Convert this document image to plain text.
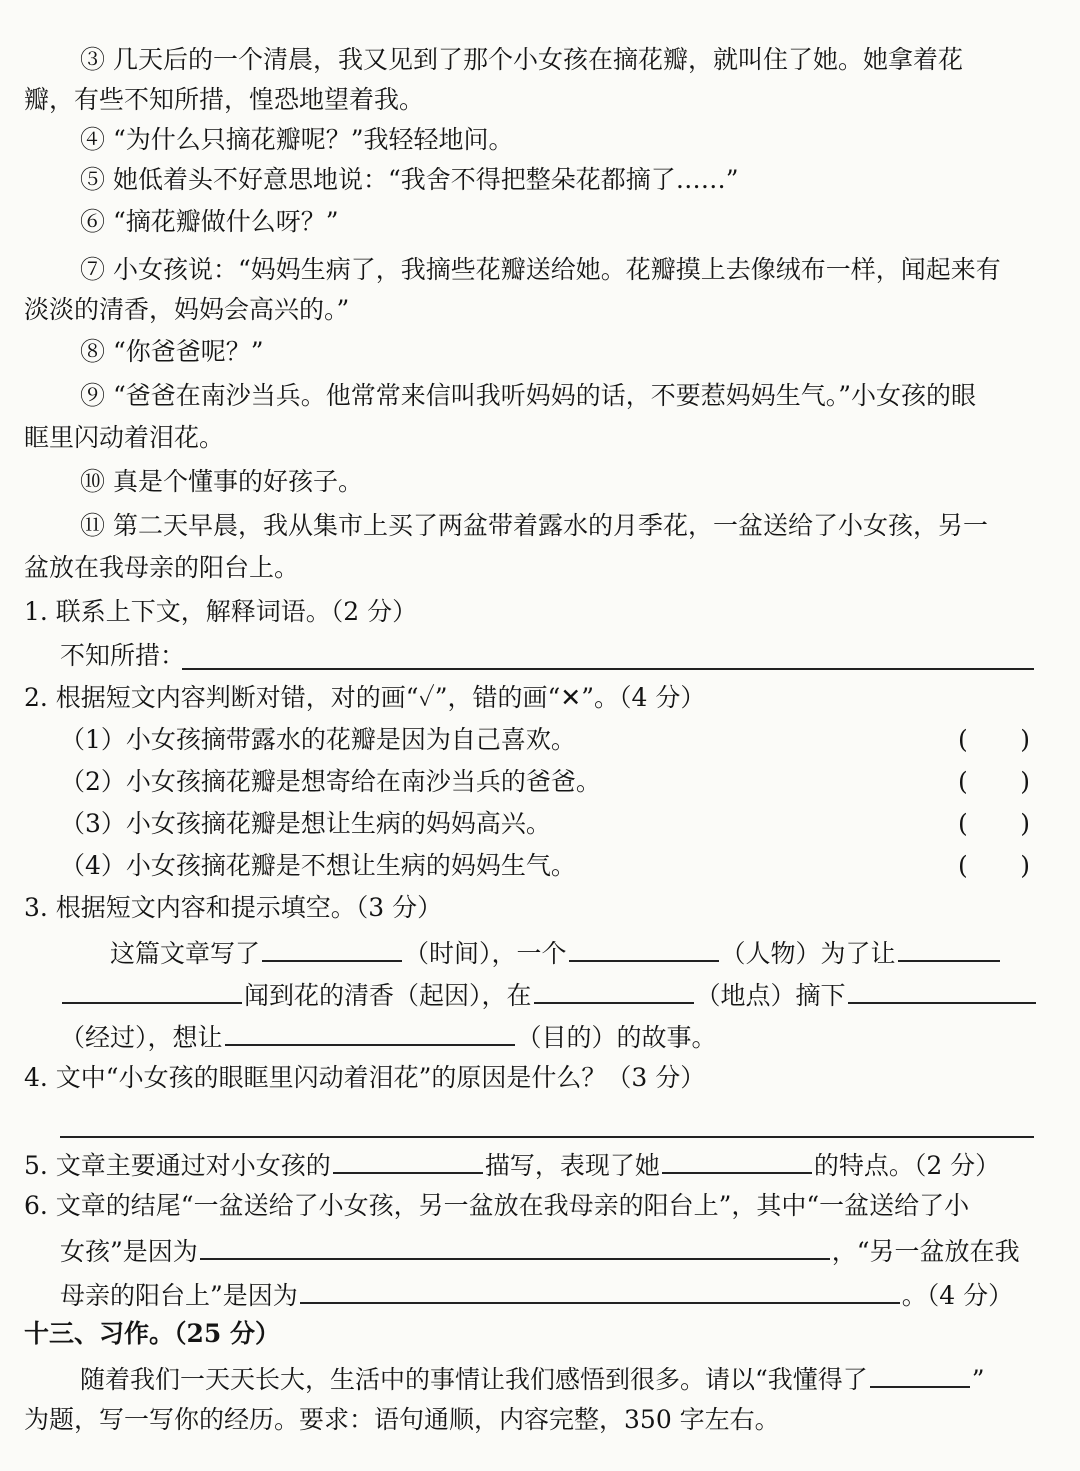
③ 几天后的一个清晨，我又见到了那个小女孩在摘花瓣，就叫住了她。她拿着花
瓣，有些不知所措，惶恐地望着我。
④ “为什么只摘花瓣呢？”我轻轻地问。
⑤ 她低着头不好意思地说：“我舍不得把整朵花都摘了……”
⑥ “摘花瓣做什么呀？”
⑦ 小女孩说：“妈妈生病了，我摘些花瓣送给她。花瓣摸上去像绒布一样，闻起来有
淡淡的清香，妈妈会高兴的。”
⑧ “你爸爸呢？”
⑨ “爸爸在南沙当兵。他常常来信叫我听妈妈的话，不要惹妈妈生气。”小女孩的眼
眶里闪动着泪花。
⑩ 真是个懂事的好孩子。
⑪ 第二天早晨，我从集市上买了两盆带着露水的月季花，一盆送给了小女孩，另一
盆放在我母亲的阳台上。
1. 联系上下文，解释词语。（2 分）
不知所措：
2. 根据短文内容判断对错，对的画“✓”，错的画“✕”。（4 分）
（1）小女孩摘带露水的花瓣是因为自己喜欢。	( )
（2）小女孩摘花瓣是想寄给在南沙当兵的爸爸。	( )
（3）小女孩摘花瓣是想让生病的妈妈高兴。	( )
（4）小女孩摘花瓣是不想让生病的妈妈生气。	( )
3. 根据短文内容和提示填空。（3 分）
这篇文章写了	（时间），一个	（人物）为了让
闻到花的清香（起因），在	（地点）摘下
（经过），想让	（目的）的故事。
4. 文中“小女孩的眼眶里闪动着泪花”的原因是什么？（3 分）
5. 文章主要通过对小女孩的	描写，表现了她	的特点。（2 分）
6. 文章的结尾“一盆送给了小女孩，另一盆放在我母亲的阳台上”，其中“一盆送给了小
女孩”是因为	，“另一盆放在我
母亲的阳台上”是因为	。（4 分）
十三、习作。（25 分）
随着我们一天天长大，生活中的事情让我们感悟到很多。请以“我懂得了	”
为题，写一写你的经历。要求：语句通顺，内容完整，350 字左右。
